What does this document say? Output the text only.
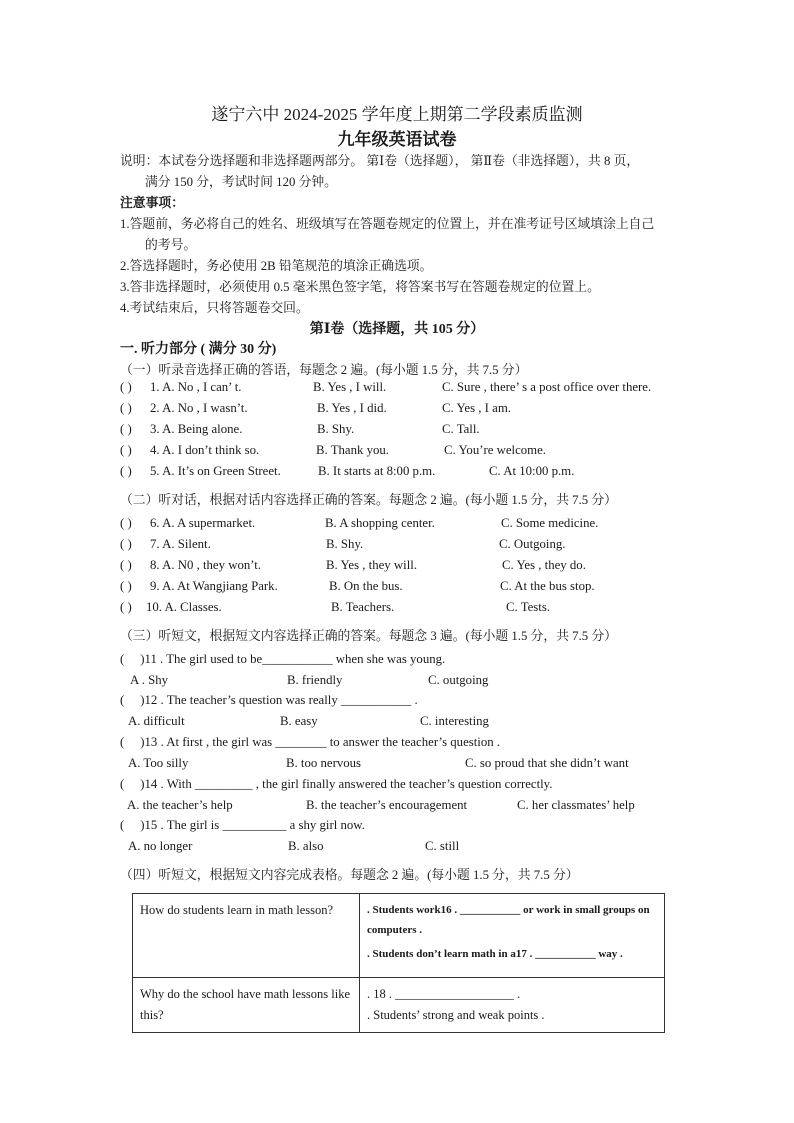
遂宁六中 2024-2025 学年度上期第二学段素质监测
九年级英语试卷
说明：本试卷分选择题和非选择题两部分。 第Ⅰ卷（选择题）， 第Ⅱ卷（非选择题），共 8 页，
满分 150 分，考试时间 120 分钟。
注意事项：
1.答题前，务必将自己的姓名、班级填写在答题卷规定的位置上，并在准考证号区域填涂上自己
的考号。
2.答选择题时，务必使用 2B 铅笔规范的填涂正确选项。
3.答非选择题时，必须使用 0.5 毫米黑色签字笔，将答案书写在答题卷规定的位置上。
4.考试结束后，只将答题卷交回。
第Ⅰ卷（选择题，共 105 分）
一. 听力部分 ( 满分 30 分)
（一）听录音选择正确的答语，每题念 2 遍。(每小题 1.5 分，共 7.5 分）
( ) 1. A. No , I can’ t.	B. Yes , I will.	C. Sure , there’ s a post office over there.
( ) 2. A. No , I wasn’t.	B. Yes , I did.	C. Yes , I am.
( ) 3. A. Being alone.	B. Shy.	C. Tall.
( ) 4. A. I don’t think so.	B. Thank you.	C. You’re welcome.
( ) 5. A. It’s on Green Street.	B. It starts at 8:00 p.m.	C. At 10:00 p.m.
（二）听对话，根据对话内容选择正确的答案。每题念 2 遍。(每小题 1.5 分，共 7.5 分）
( ) 6. A. A supermarket.	B. A shopping center.	C. Some medicine.
( ) 7. A. Silent.	B. Shy.	C. Outgoing.
( ) 8. A. N0 , they won’t.	B. Yes , they will.	C. Yes , they do.
( ) 9. A. At Wangjiang Park.	B. On the bus.	C. At the bus stop.
( ) 10. A. Classes.	B. Teachers.	C. Tests.
（三）听短文，根据短文内容选择正确的答案。每题念 3 遍。(每小题 1.5 分，共 7.5 分）
(     )11 . The girl used to be___________ when she was young.
A . Shy	B. friendly	C. outgoing
(     )12 . The teacher’s question was really ___________ .
A. difficult	B. easy	C. interesting
(     )13 . At first , the girl was ________ to answer the teacher’s question .
A. Too silly	B. too nervous	C. so proud that she didn’t want
(     )14 . With _________ , the girl finally answered the teacher’s question correctly.
A. the teacher’s help	B. the teacher’s encouragement	C. her classmates’ help
(     )15 . The girl is __________ a shy girl now.
A. no longer	B. also	C. still
（四）听短文，根据短文内容完成表格。每题念 2 遍。(每小题 1.5 分，共 7.5 分）
How do students learn in math lesson?	. Students work16 . ___________ or work in small groups on computers .
. Students don’t learn math in a17 . ___________ way .

Why do the school have math lessons like this?	. 18 . ___________________ .
. Students’ strong and weak points .
